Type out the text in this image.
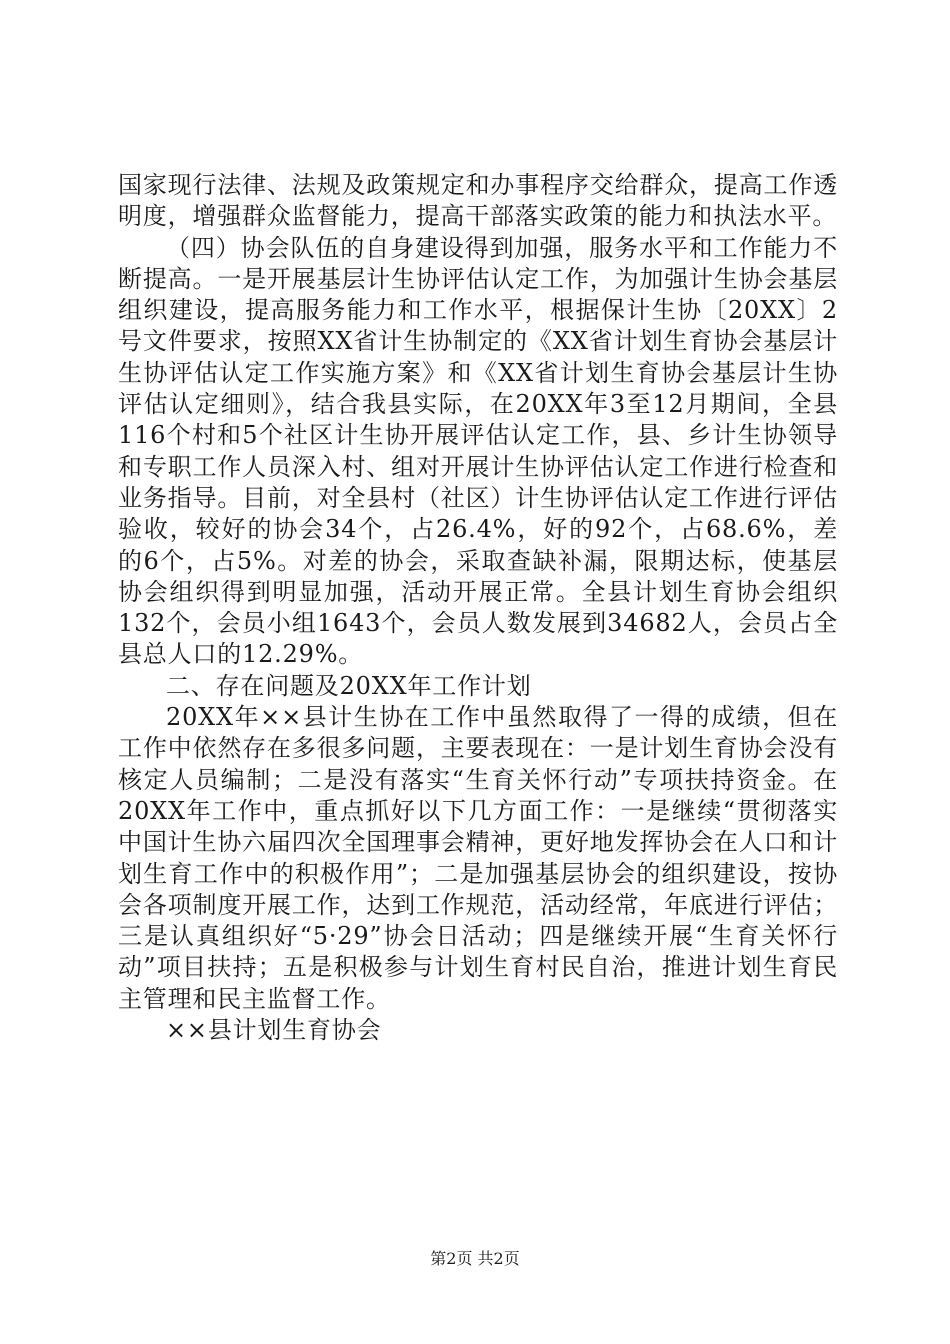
国家现行法律、法规及政策规定和办事程序交给群众，提高工作透明度，增强群众监督能力，提高干部落实政策的能力和执法水平。

（四）协会队伍的自身建设得到加强，服务水平和工作能力不断提高。一是开展基层计生协评估认定工作，为加强计生协会基层组织建设，提高服务能力和工作水平，根据保计生协〔20XX〕2号文件要求，按照XX省计生协制定的《XX省计划生育协会基层计生协评估认定工作实施方案》和《XX省计划生育协会基层计生协评估认定细则》，结合我县实际，在20XX年3至12月期间，全县116个村和5个社区计生协开展评估认定工作，县、乡计生协领导和专职工作人员深入村、组对开展计生协评估认定工作进行检查和业务指导。目前，对全县村（社区）计生协评估认定工作进行评估验收，较好的协会34个，占26.4%，好的92个，占68.6%，差的6个，占5%。对差的协会，采取查缺补漏，限期达标，使基层协会组织得到明显加强，活动开展正常。全县计划生育协会组织132个，会员小组1643个，会员人数发展到34682人，会员占全县总人口的12.29%。

二、存在问题及20XX年工作计划

20XX年××县计生协在工作中虽然取得了一得的成绩，但在工作中依然存在多很多问题，主要表现在：一是计划生育协会没有核定人员编制；二是没有落实“生育关怀行动”专项扶持资金。在20XX年工作中，重点抓好以下几方面工作：一是继续“贯彻落实中国计生协六届四次全国理事会精神，更好地发挥协会在人口和计划生育工作中的积极作用”；二是加强基层协会的组织建设，按协会各项制度开展工作，达到工作规范，活动经常，年底进行评估；三是认真组织好“5·29”协会日活动；四是继续开展“生育关怀行动”项目扶持；五是积极参与计划生育村民自治，推进计划生育民主管理和民主监督工作。

××县计划生育协会

第2页 共2页
